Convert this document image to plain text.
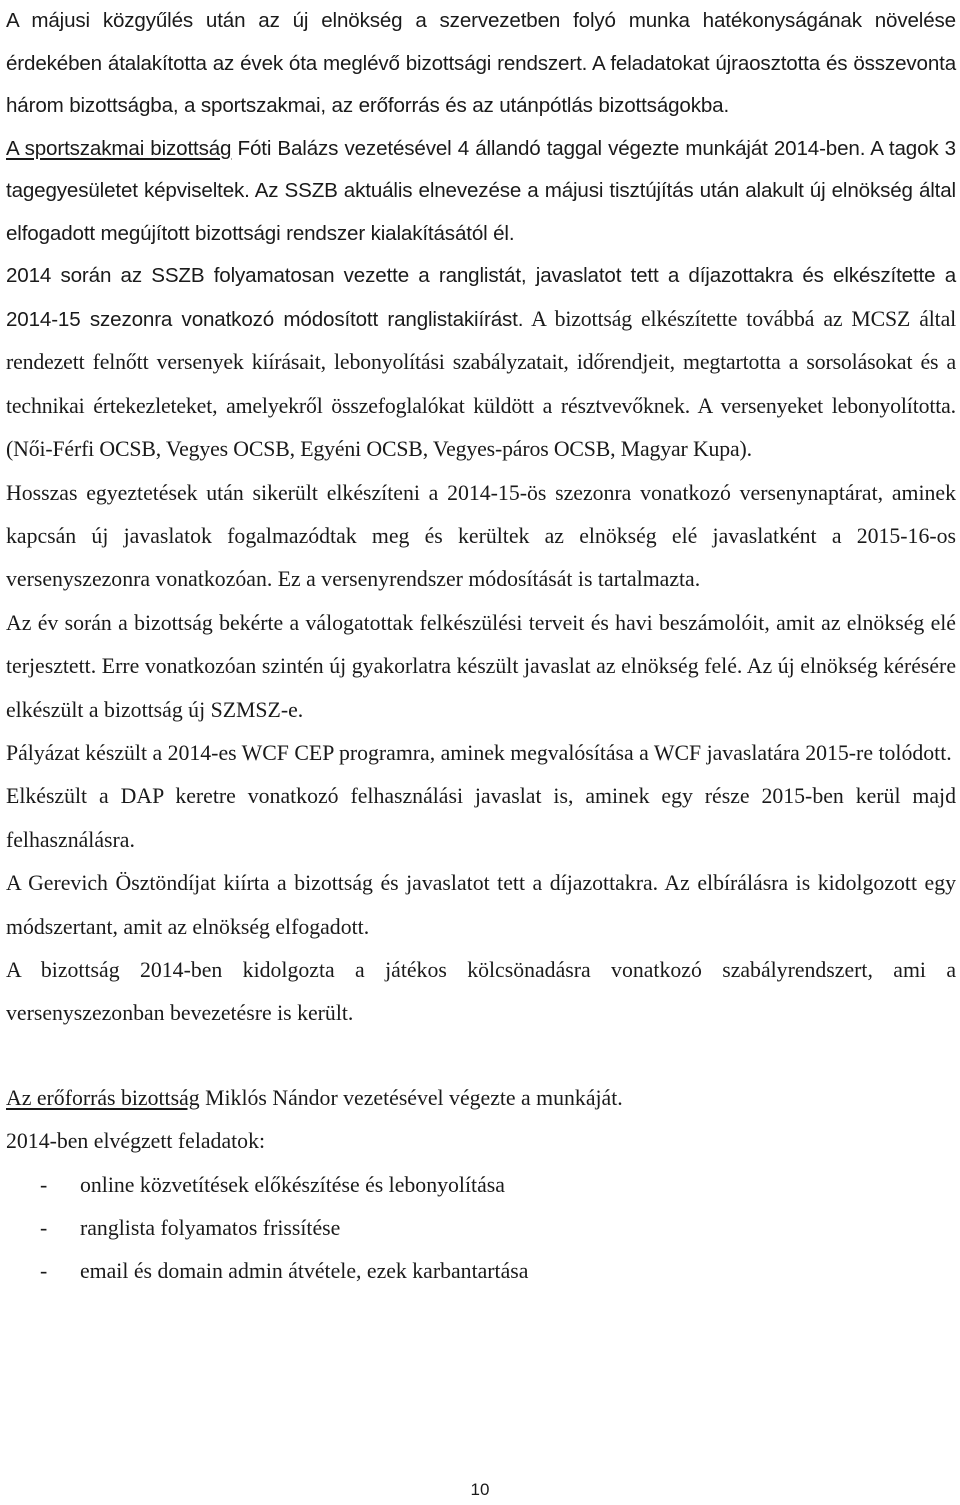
A májusi közgyűlés után az új elnökség a szervezetben folyó munka hatékonyságának növelése érdekében átalakította az évek óta meglévő bizottsági rendszert. A feladatokat újraosztotta és összevonta három bizottságba, a sportszakmai, az erőforrás és az utánpótlás bizottságokba.

A sportszakmai bizottság Fóti Balázs vezetésével 4 állandó taggal végezte munkáját 2014-ben. A tagok 3 tagegyesületet képviseltek. Az SSZB aktuális elnevezése a májusi tisztújítás után alakult új elnökség által elfogadott megújított bizottsági rendszer kialakításától él.

2014 során az SSZB folyamatosan vezette a ranglistát, javaslatot tett a díjazottakra és elkészítette a 2014-15 szezonra vonatkozó módosított ranglistakiírást. A bizottság elkészítette továbbá az MCSZ által rendezett felnőtt versenyek kiírásait, lebonyolítási szabályzatait, időrendjeit, megtartotta a sorsolásokat és a technikai értekezleteket, amelyekről összefoglalókat küldött a résztvevőknek. A versenyeket lebonyolította. (Női-Férfi OCSB, Vegyes OCSB, Egyéni OCSB, Vegyes-páros OCSB, Magyar Kupa).

Hosszas egyeztetések után sikerült elkészíteni a 2014-15-ös szezonra vonatkozó versenynaptárat, aminek kapcsán új javaslatok fogalmazódtak meg és kerültek az elnökség elé javaslatként a 2015-16-os versenyszezonra vonatkozóan. Ez a versenyrendszer módosítását is tartalmazta.

Az év során a bizottság bekérte a válogatottak felkészülési terveit és havi beszámolóit, amit az elnökség elé terjesztett. Erre vonatkozóan szintén új gyakorlatra készült javaslat az elnökség felé. Az új elnökség kérésére elkészült a bizottság új SZMSZ-e.

Pályázat készült a 2014-es WCF CEP programra, aminek megvalósítása a WCF javaslatára 2015-re tolódott.

Elkészült a DAP keretre vonatkozó felhasználási javaslat is, aminek egy része 2015-ben kerül majd felhasználásra.

A Gerevich Ösztöndíjat kiírta a bizottság és javaslatot tett a díjazottakra. Az elbírálásra is kidolgozott egy módszertant, amit az elnökség elfogadott.

A bizottság 2014-ben kidolgozta a játékos kölcsönadásra vonatkozó szabályrendszert, ami a versenyszezonban bevezetésre is került.

Az erőforrás bizottság Miklós Nándor vezetésével végezte a munkáját.

2014-ben elvégzett feladatok:

-	online közvetítések előkészítése és lebonyolítása
-	ranglista folyamatos frissítése
-	email és domain admin átvétele, ezek karbantartása
10
